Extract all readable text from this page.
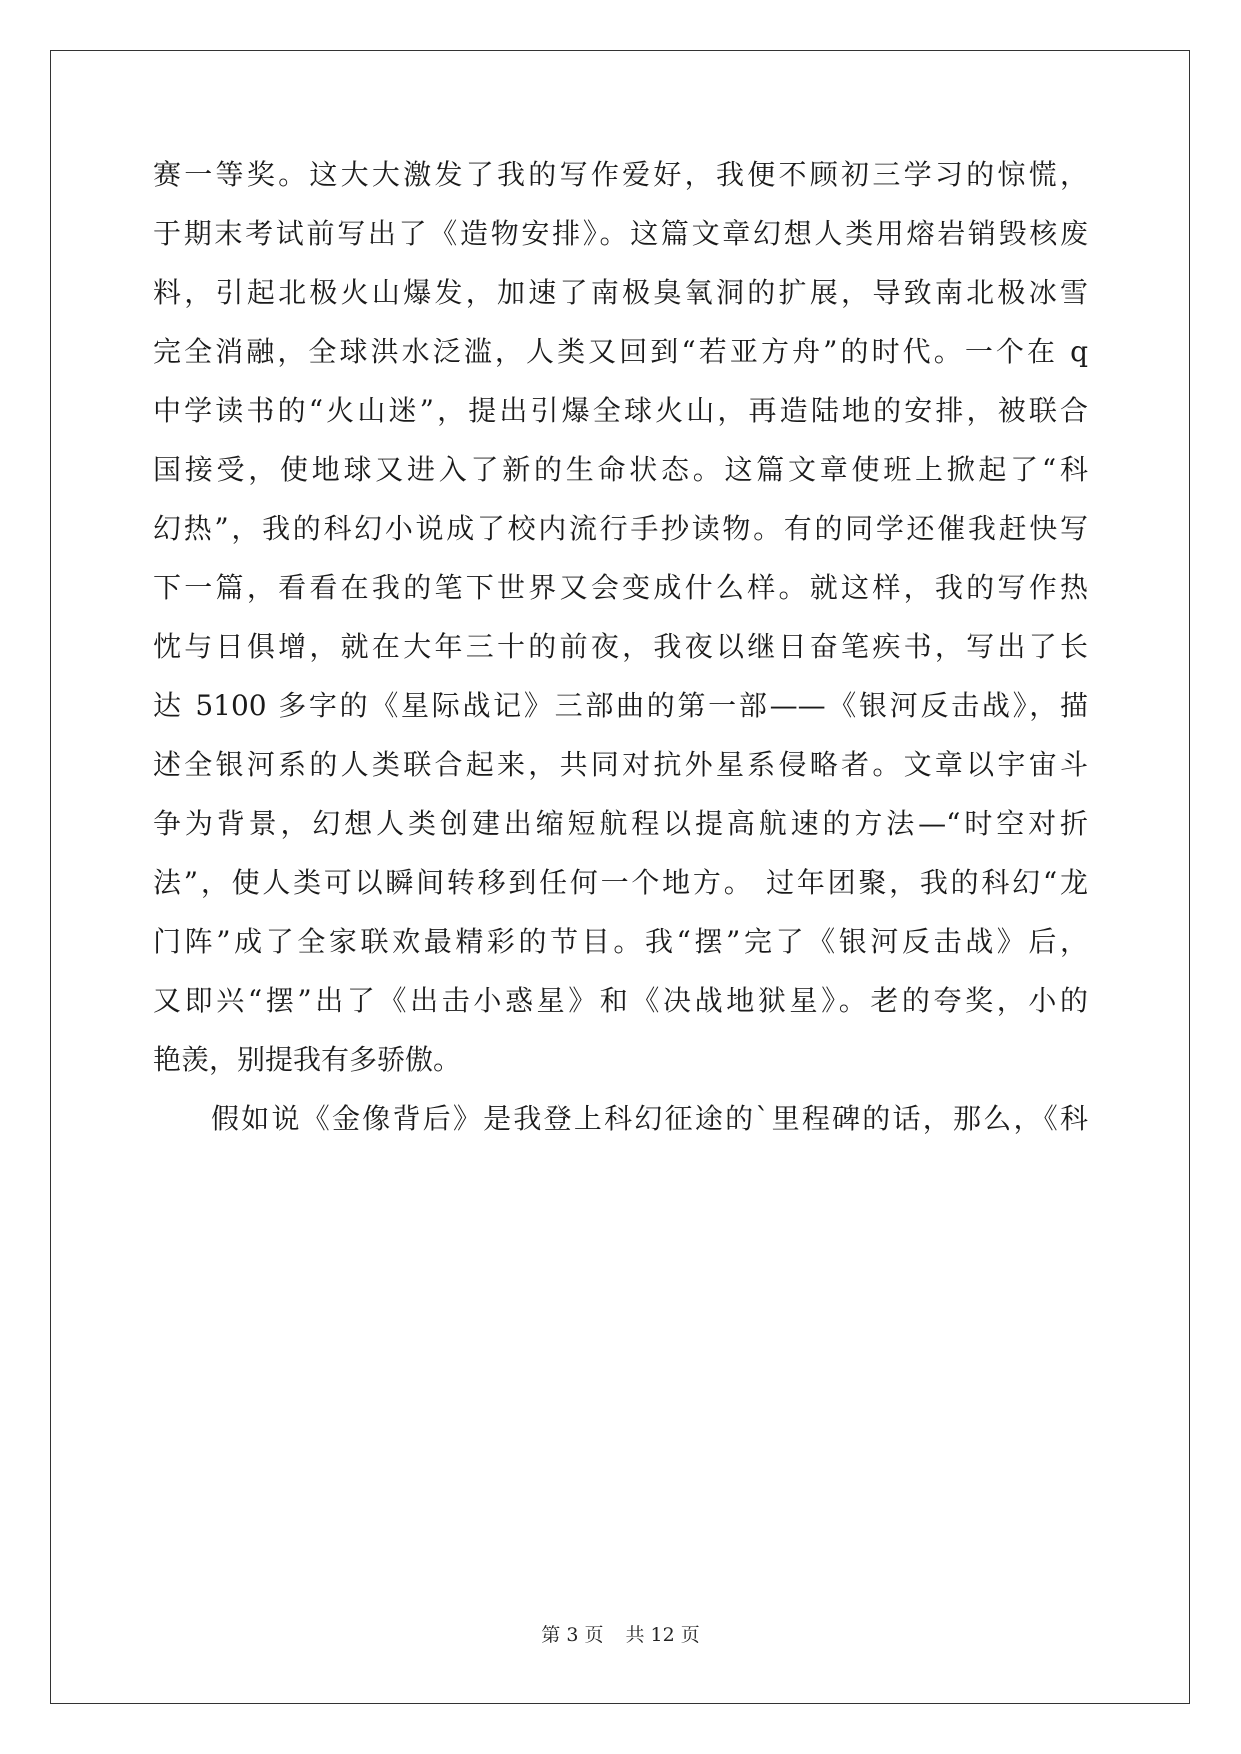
赛一等奖。这大大激发了我的写作爱好，我便不顾初三学习的惊慌，
于期末考试前写出了《造物安排》。这篇文章幻想人类用熔岩销毁核废
料，引起北极火山爆发，加速了南极臭氧洞的扩展，导致南北极冰雪
完全消融，全球洪水泛滥，人类又回到“若亚方舟”的时代。一个在 q
中学读书的“火山迷”，提出引爆全球火山，再造陆地的安排，被联合
国接受，使地球又进入了新的生命状态。这篇文章使班上掀起了“科
幻热”，我的科幻小说成了校内流行手抄读物。有的同学还催我赶快写
下一篇，看看在我的笔下世界又会变成什么样。就这样，我的写作热
忱与日俱增，就在大年三十的前夜，我夜以继日奋笔疾书，写出了长
达 5100 多字的《星际战记》三部曲的第一部——《银河反击战》，描
述全银河系的人类联合起来，共同对抗外星系侵略者。文章以宇宙斗
争为背景，幻想人类创建出缩短航程以提高航速的方法—“时空对折
法”，使人类可以瞬间转移到任何一个地方。 过年团聚，我的科幻“龙
门阵”成了全家联欢最精彩的节目。我“摆”完了《银河反击战》后，
又即兴“摆”出了《出击小惑星》和《决战地狱星》。老的夸奖，小的
艳羡，别提我有多骄傲。
假如说《金像背后》是我登上科幻征途的`里程碑的话，那么，《科
第 3 页 共 12 页
